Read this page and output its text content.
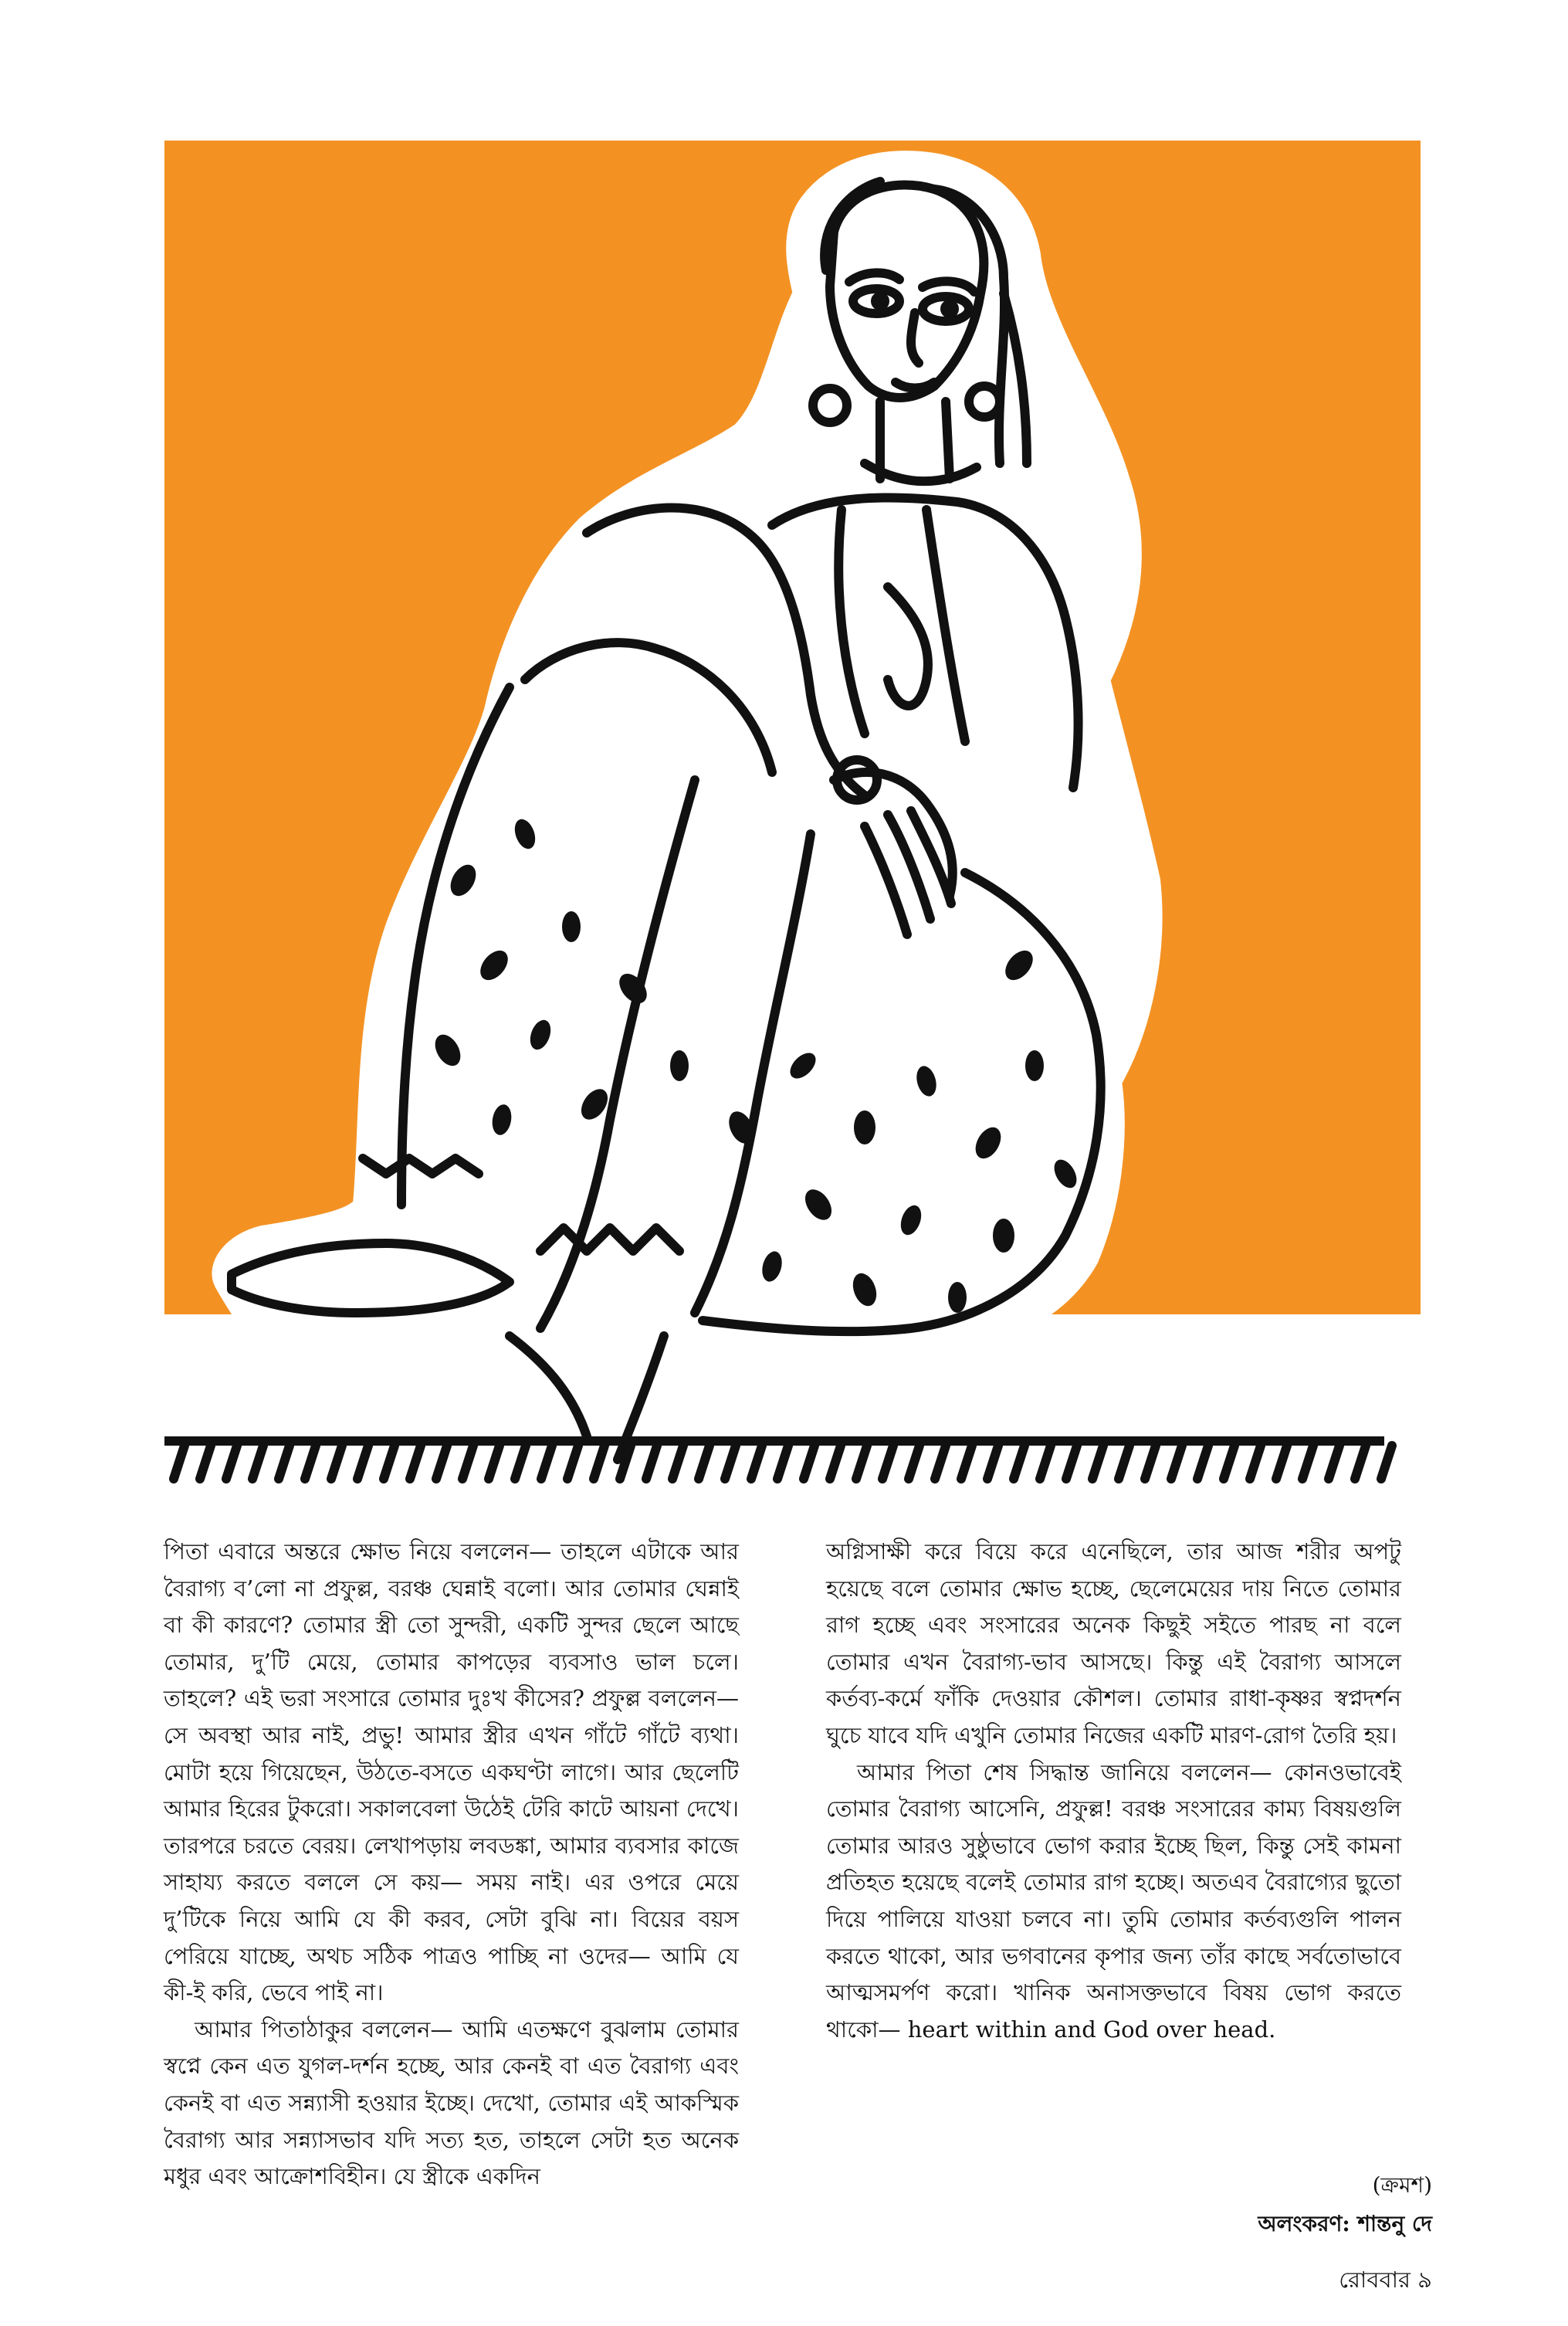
পিতা এবারে অন্তরে ক্ষোভ নিয়ে বললেন— তাহলে এটাকে আর বৈরাগ্য ব’লো না প্রফুল্ল, বরঞ্চ ঘেন্নাই বলো। আর তোমার ঘেন্নাই বা কী কারণে? তোমার স্ত্রী তো সুন্দরী, একটি সুন্দর ছেলে আছে তোমার, দু’টি মেয়ে, তোমার কাপড়ের ব্যবসাও ভাল চলে। তাহলে? এই ভরা সংসারে তোমার দুঃখ কীসের? প্রফুল্ল বললেন— সে অবস্থা আর নাই, প্রভু! আমার স্ত্রীর এখন গাঁটে গাঁটে ব্যথা। মোটা হয়ে গিয়েছেন, উঠতে-বসতে একঘণ্টা লাগে। আর ছেলেটি আমার হিরের টুকরো। সকালবেলা উঠেই টেরি কাটে আয়না দেখে। তারপরে চরতে বেরয়। লেখাপড়ায় লবডঙ্কা, আমার ব্যবসার কাজে সাহায্য করতে বললে সে কয়— সময় নাই। এর ওপরে মেয়ে দু’টিকে নিয়ে আমি যে কী করব, সেটা বুঝি না। বিয়ের বয়স পেরিয়ে যাচ্ছে, অথচ সঠিক পাত্রও পাচ্ছি না ওদের— আমি যে কী-ই করি, ভেবে পাই না।

আমার পিতাঠাকুর বললেন— আমি এতক্ষণে বুঝলাম তোমার স্বপ্নে কেন এত যুগল-দর্শন হচ্ছে, আর কেনই বা এত বৈরাগ্য এবং কেনই বা এত সন্ন্যাসী হওয়ার ইচ্ছে। দেখো, তোমার এই আকস্মিক বৈরাগ্য আর সন্ন্যাসভাব যদি সত্য হত, তাহলে সেটা হত অনেক মধুর এবং আক্রোশবিহীন। যে স্ত্রীকে একদিন

অগ্নিসাক্ষী করে বিয়ে করে এনেছিলে, তার আজ শরীর অপটু হয়েছে বলে তোমার ক্ষোভ হচ্ছে, ছেলেমেয়ের দায় নিতে তোমার রাগ হচ্ছে এবং সংসারের অনেক কিছুই সইতে পারছ না বলে তোমার এখন বৈরাগ্য-ভাব আসছে। কিন্তু এই বৈরাগ্য আসলে কর্তব্য-কর্মে ফাঁকি দেওয়ার কৌশল। তোমার রাধা-কৃষ্ণর স্বপ্নদর্শন ঘুচে যাবে যদি এখুনি তোমার নিজের একটি মারণ-রোগ তৈরি হয়।

আমার পিতা শেষ সিদ্ধান্ত জানিয়ে বললেন— কোনওভাবেই তোমার বৈরাগ্য আসেনি, প্রফুল্ল! বরঞ্চ সংসারের কাম্য বিষয়গুলি তোমার আরও সুষ্ঠুভাবে ভোগ করার ইচ্ছে ছিল, কিন্তু সেই কামনা প্রতিহত হয়েছে বলেই তোমার রাগ হচ্ছে। অতএব বৈরাগ্যের ছুতো দিয়ে পালিয়ে যাওয়া চলবে না। তুমি তোমার কর্তব্যগুলি পালন করতে থাকো, আর ভগবানের কৃপার জন্য তাঁর কাছে সর্বতোভাবে আত্মসমর্পণ করো। খানিক অনাসক্তভাবে বিষয় ভোগ করতে থাকো— heart within and God over head.

(ক্রমশ)
অলংকরণ: শান্তনু দে
রোববার ৯
